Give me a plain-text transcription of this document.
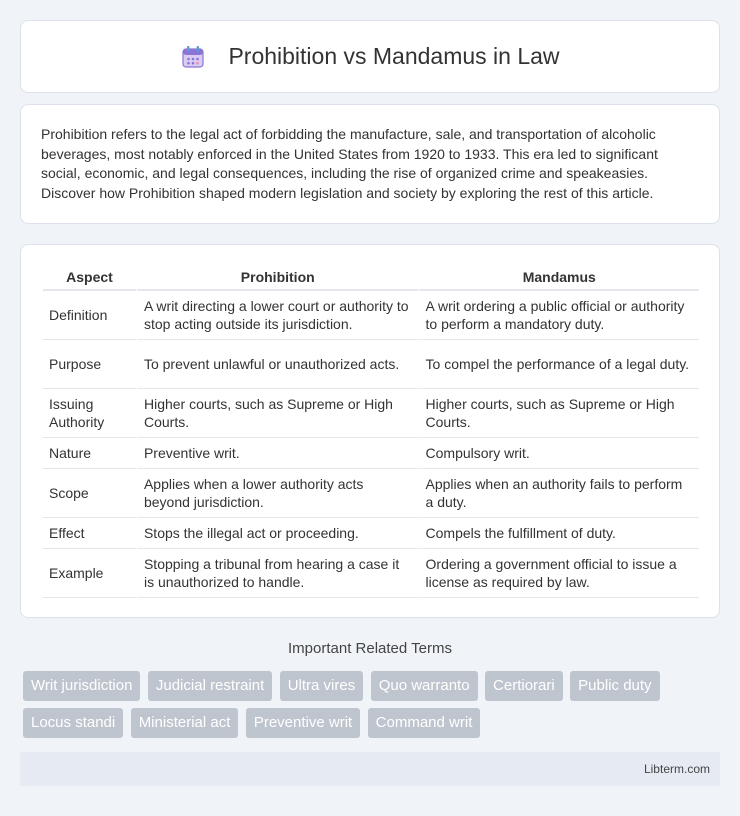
Prohibition vs Mandamus in Law

Prohibition refers to the legal act of forbidding the manufacture, sale, and transportation of alcoholic beverages, most notably enforced in the United States from 1920 to 1933. This era led to significant social, economic, and legal consequences, including the rise of organized crime and speakeasies. Discover how Prohibition shaped modern legislation and society by exploring the rest of this article.

Aspect	Prohibition	Mandamus
Definition	A writ directing a lower court or authority to stop acting outside its jurisdiction.	A writ ordering a public official or authority to perform a mandatory duty.
Purpose	To prevent unlawful or unauthorized acts.	To compel the performance of a legal duty.
Issuing Authority	Higher courts, such as Supreme or High Courts.	Higher courts, such as Supreme or High Courts.
Nature	Preventive writ.	Compulsory writ.
Scope	Applies when a lower authority acts beyond jurisdiction.	Applies when an authority fails to perform a duty.
Effect	Stops the illegal act or proceeding.	Compels the fulfillment of duty.
Example	Stopping a tribunal from hearing a case it is unauthorized to handle.	Ordering a government official to issue a license as required by law.
Important Related Terms
Writ jurisdiction Judicial restraint Ultra vires Quo warranto Certiorari Public duty Locus standi Ministerial act Preventive writ Command writ
Libterm.com
